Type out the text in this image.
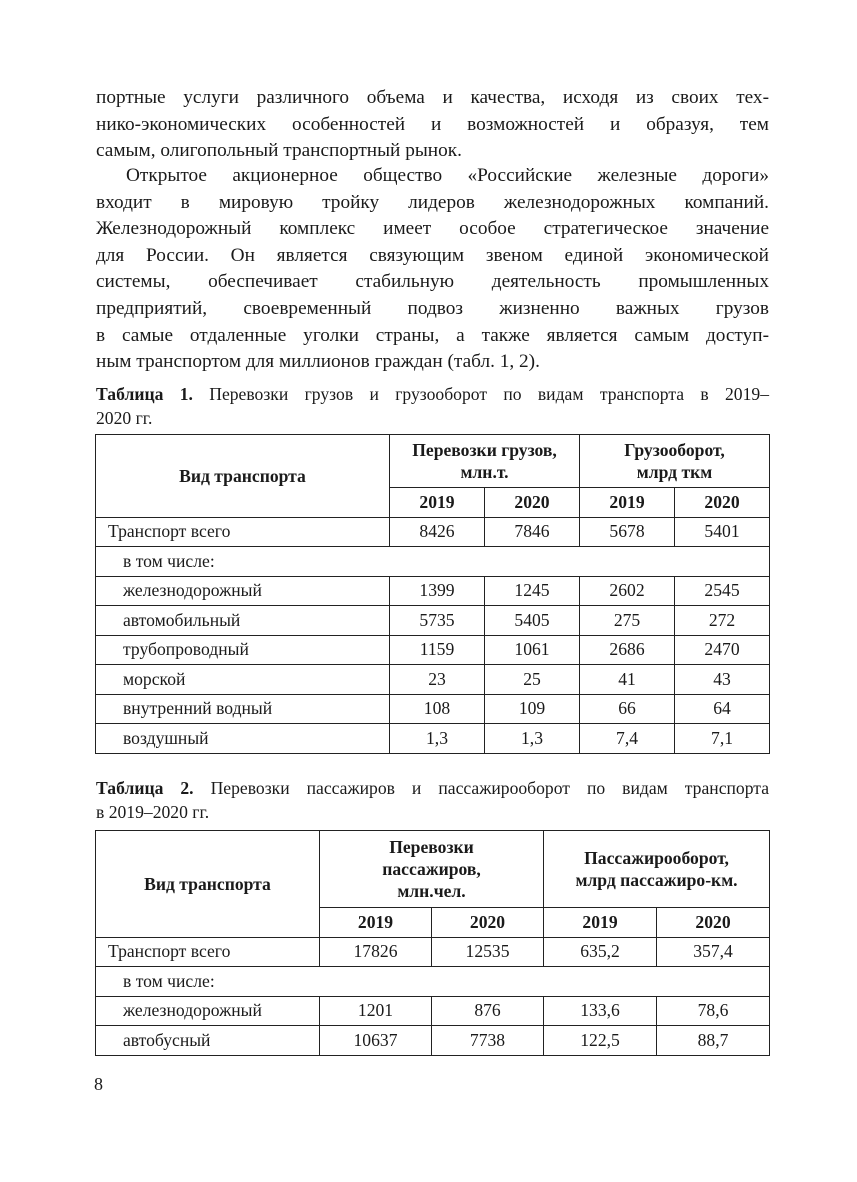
портные услуги различного объема и качества, исходя из своих тех-
нико-экономических особенностей и возможностей и образуя, тем
самым, олигопольный транспортный рынок.

Открытое акционерное общество «Российские железные дороги»
входит в мировую тройку лидеров железнодорожных компаний.
Железнодорожный комплекс имеет особое стратегическое значение
для России. Он является связующим звеном единой экономической
системы, обеспечивает стабильную деятельность промышленных
предприятий, своевременный подвоз жизненно важных грузов
в самые отдаленные уголки страны, а также является самым доступ-
ным транспортом для миллионов граждан (табл. 1, 2).

Таблица 1. Перевозки грузов и грузооборот по видам транспорта в 2019–
2020 гг.

Вид транспорта	Перевозки грузов,
млн.т.		Грузооборот,
млрд ткм	
	2019	2020	2019	2020
Транспорт всего	8426	7846	5678	5401
в том числе:				
железнодорожный	1399	1245	2602	2545
автомобильный	5735	5405	275	272
трубопроводный	1159	1061	2686	2470
морской	23	25	41	43
внутренний водный	108	109	66	64
воздушный	1,3	1,3	7,4	7,1

Таблица 2. Перевозки пассажиров и пассажирооборот по видам транспорта
в 2019–2020 гг.

Вид транспорта	Перевозки
пассажиров,
млн.чел.		Пассажирооборот,
млрд пассажиро-км.	
	2019	2020	2019	2020
Транспорт всего	17826	12535	635,2	357,4
в том числе:				
железнодорожный	1201	876	133,6	78,6
автобусный	10637	7738	122,5	88,7
8
